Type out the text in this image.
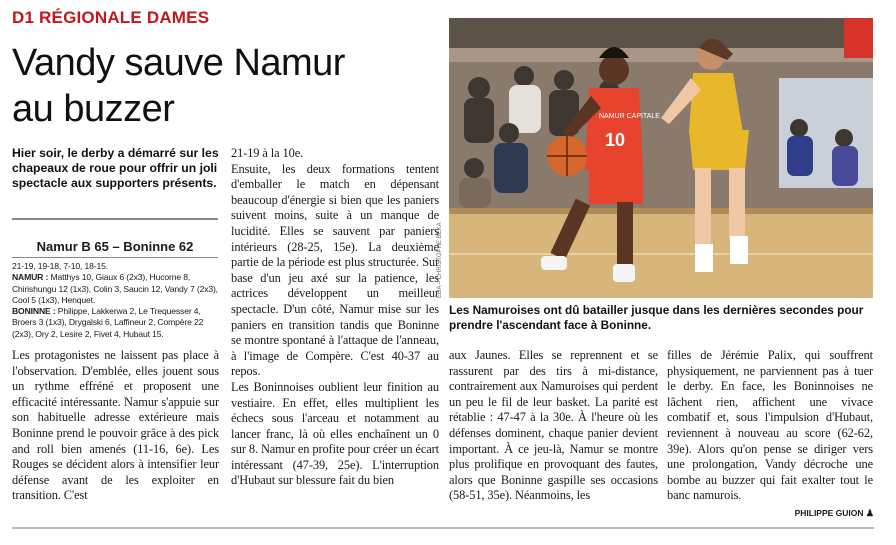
D1 RÉGIONALE DAMES
Vandy sauve Namur
au buzzer
Hier soir, le derby a démarré sur les chapeaux de roue pour offrir un joli spectacle aux supporters présents.
Namur B 65 – Boninne 62
21-19, 19-18, 7-10, 18-15.
NAMUR : Matthys 10, Giaux 6 (2x3), Hucorne 8, Chirishungu 12 (1x3), Colin 3, Saucin 12, Vandy 7 (2x3), Cool 5 (1x3), Henquet.
BONINNE : Philippe, Lakkerwa 2, Le Trequesser 4, Broers 3 (1x3), Drygalski 6, Laffineur 2, Compère 22 (2x3), Ory 2, Lesire 2, Fivet 4, Hubaut 15.

Les protagonistes ne laissent pas place à l'observation. D'emblée, elles jouent sous un rythme effréné et proposent une efficacité intéressante. Namur s'appuie sur son habituelle adresse extérieure mais Boninne prend le pouvoir grâce à des pick and roll bien amenés (11-16, 6e). Les Rouges se décident alors à intensifier leur défense avant de les exploiter en transition. C'est

21-19 à la 10e.

Ensuite, les deux formations tentent d'emballer le match en dépensant beaucoup d'énergie si bien que les paniers suivent moins, suite à un manque de lucidité. Elles se sauvent par paniers intérieurs (28-25, 15e). La deuxième partie de la période est plus structurée. Sur base d'un jeu axé sur la patience, les actrices développent un meilleur spectacle. D'un côté, Namur mise sur les paniers en transition tandis que Boninne se montre spontané à l'attaque de l'anneau, à l'image de Compère. C'est 40-37 au repos.

Les Boninnoises oublient leur finition au vestiaire. En effet, elles multiplient les échecs sous l'arceau et notamment au lancer franc, là où elles enchaînent un 0 sur 8. Namur en profite pour créer un écart intéressant (47-39, 25e). L'interruption d'Hubaut sur blessure fait du bien

aux Jaunes. Elles se reprennent et se rassurent par des tirs à mi-distance, contrairement aux Namuroises qui perdent un peu le fil de leur basket. La parité est rétablie : 47-47 à la 30e. À l'heure où les défenses dominent, chaque panier devient important. À ce jeu-là, Namur se montre plus prolifique en provoquant des fautes, alors que Boninne gaspille ses occasions (58-51, 35e). Néanmoins, les

filles de Jérémie Palix, qui souffrent physiquement, ne parviennent pas à tuer le derby. En face, les Boninnoises ne lâchent rien, affichent une vivace combatif et, sous l'impulsion d'Hubaut, reviennent à nouveau au score (62-62, 39e). Alors qu'on pense se diriger vers une prolongation, Vandy décroche une bombe au buzzer qui fait exalter tout le banc namurois.

NAMUR CAPITALE
10
ÉDA – CHRISTOPHE BEKA
Les Namuroises ont dû batailler jusque dans les dernières secondes pour prendre l'ascendant face à Boninne.
PHILIPPE GUION ♟
